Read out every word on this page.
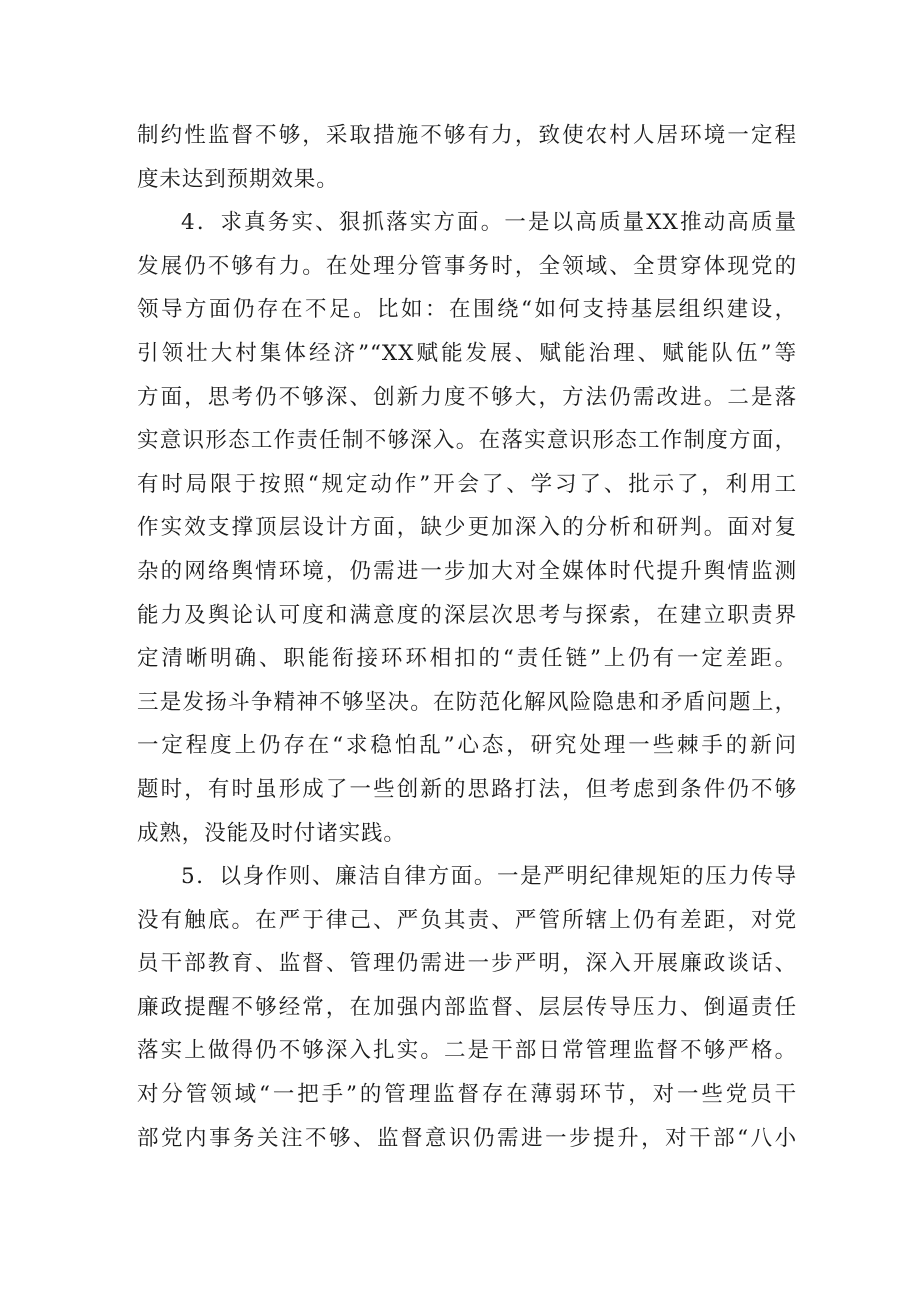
制约性监督不够，采取措施不够有力，致使农村人居环境一定程
度未达到预期效果。
4．求真务实、狠抓落实方面。一是以高质量XX推动高质量
发展仍不够有力。在处理分管事务时，全领域、全贯穿体现党的
领导方面仍存在不足。比如：在围绕“如何支持基层组织建设，
引领壮大村集体经济”“XX赋能发展、赋能治理、赋能队伍”等
方面，思考仍不够深、创新力度不够大，方法仍需改进。二是落
实意识形态工作责任制不够深入。在落实意识形态工作制度方面，
有时局限于按照“规定动作”开会了、学习了、批示了，利用工
作实效支撑顶层设计方面，缺少更加深入的分析和研判。面对复
杂的网络舆情环境，仍需进一步加大对全媒体时代提升舆情监测
能力及舆论认可度和满意度的深层次思考与探索，在建立职责界
定清晰明确、职能衔接环环相扣的“责任链”上仍有一定差距。
三是发扬斗争精神不够坚决。在防范化解风险隐患和矛盾问题上，
一定程度上仍存在“求稳怕乱”心态，研究处理一些棘手的新问
题时，有时虽形成了一些创新的思路打法，但考虑到条件仍不够
成熟，没能及时付诸实践。
5．以身作则、廉洁自律方面。一是严明纪律规矩的压力传导
没有触底。在严于律己、严负其责、严管所辖上仍有差距，对党
员干部教育、监督、管理仍需进一步严明，深入开展廉政谈话、
廉政提醒不够经常，在加强内部监督、层层传导压力、倒逼责任
落实上做得仍不够深入扎实。二是干部日常管理监督不够严格。
对分管领域“一把手”的管理监督存在薄弱环节，对一些党员干
部党内事务关注不够、监督意识仍需进一步提升，对干部“八小
